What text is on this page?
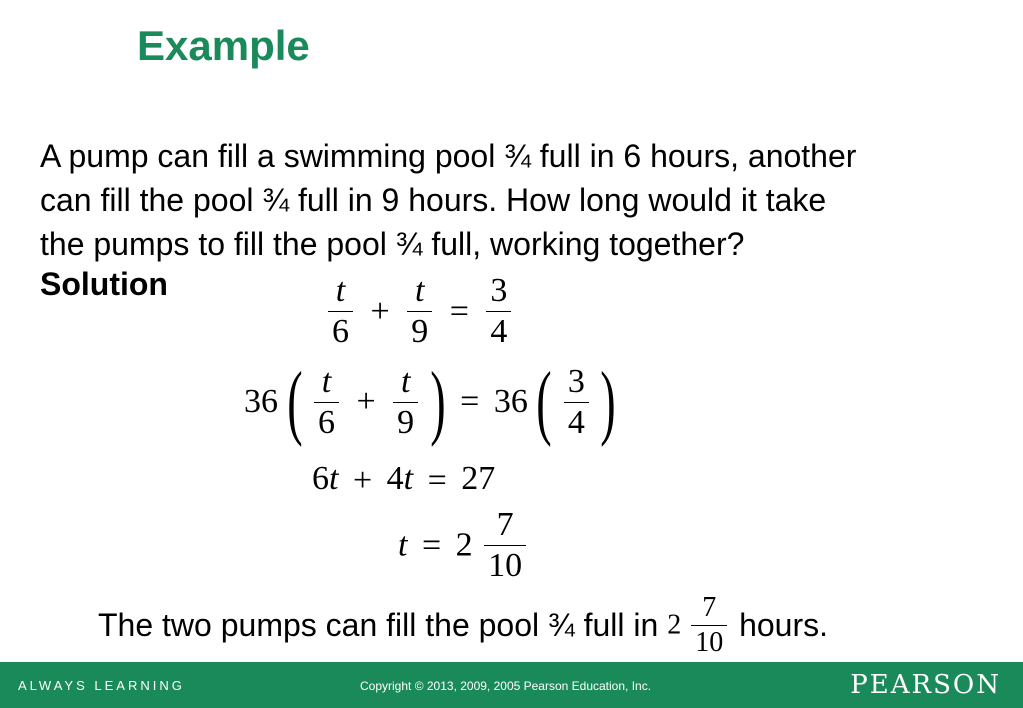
Example
A pump can fill a swimming pool ¾ full in 6 hours, another
can fill the pool ¾ full in 9 hours. How long would it take
the pumps to fill the pool ¾ full, working together?
Solution	$\frac{t}{6} + \frac{t}{9} = \frac{3}{4}$
36 ( $\frac{t}{6} + \frac{t}{9}$ ) = 36 ( $\frac{3}{4}$ )
6t + 4t = 27
$t = 2 \frac{7}{10}$
The two pumps can fill the pool ¾ full in $2 \frac{7}{10}$ hours.
ALWAYS LEARNING	Copyright © 2013, 2009, 2005 Pearson Education, Inc.	PEARSON
